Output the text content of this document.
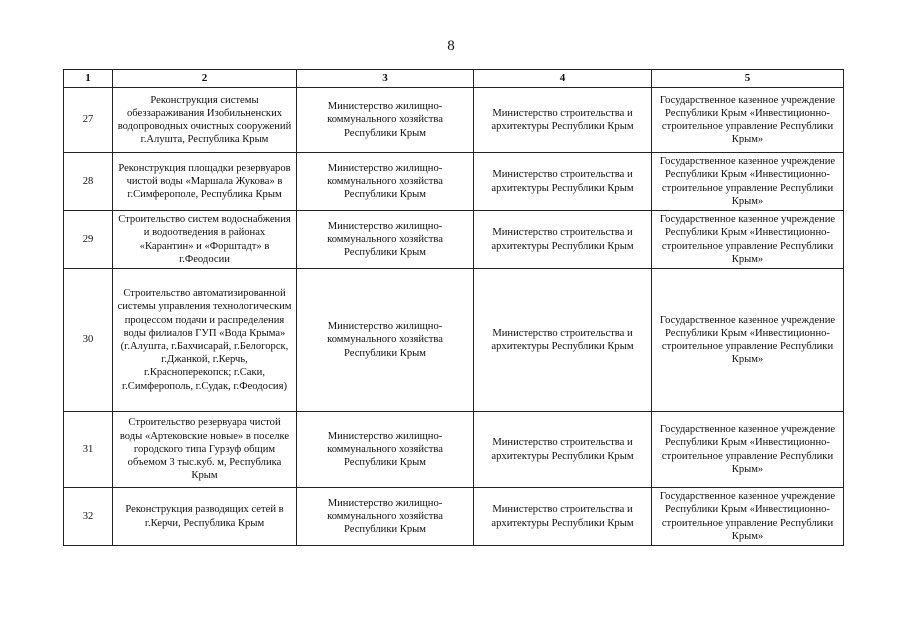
8
1	2	3	4	5
27	Реконструкция системы обеззараживания Изобильненских водопроводных очистных сооружений г.Алушта, Республика Крым	Министерство жилищно-коммунального хозяйства Республики Крым	Министерство строительства и архитектуры Республики Крым	Государственное казенное учреждение Республики Крым «Инвестиционно-строительное управление Республики Крым»
28	Реконструкция площадки резервуаров чистой воды «Маршала Жукова» в г.Симферополе, Республика Крым	Министерство жилищно-коммунального хозяйства Республики Крым	Министерство строительства и архитектуры Республики Крым	Государственное казенное учреждение Республики Крым «Инвестиционно-строительное управление Республики Крым»
29	Строительство систем водоснабжения и водоотведения в районах «Карантин» и «Форштадт» в г.Феодосии	Министерство жилищно-коммунального хозяйства Республики Крым	Министерство строительства и архитектуры Республики Крым	Государственное казенное учреждение Республики Крым «Инвестиционно-строительное управление Республики Крым»
30	Строительство автоматизированной системы управления технологическим процессом подачи и распределения воды филиалов ГУП «Вода Крыма» (г.Алушта, г.Бахчисарай, г.Белогорск, г.Джанкой, г.Керчь, г.Красноперекопск; г.Саки, г.Симферополь, г.Судак, г.Феодосия)	Министерство жилищно-коммунального хозяйства Республики Крым	Министерство строительства и архитектуры Республики Крым	Государственное казенное учреждение Республики Крым «Инвестиционно-строительное управление Республики Крым»
31	Строительство резервуара чистой воды «Артековские новые» в поселке городского типа Гурзуф общим объемом 3 тыс.куб. м, Республика Крым	Министерство жилищно-коммунального хозяйства Республики Крым	Министерство строительства и архитектуры Республики Крым	Государственное казенное учреждение Республики Крым «Инвестиционно-строительное управление Республики Крым»
32	Реконструкция разводящих сетей в г.Керчи, Республика Крым	Министерство жилищно-коммунального хозяйства Республики Крым	Министерство строительства и архитектуры Республики Крым	Государственное казенное учреждение Республики Крым «Инвестиционно-строительное управление Республики Крым»
